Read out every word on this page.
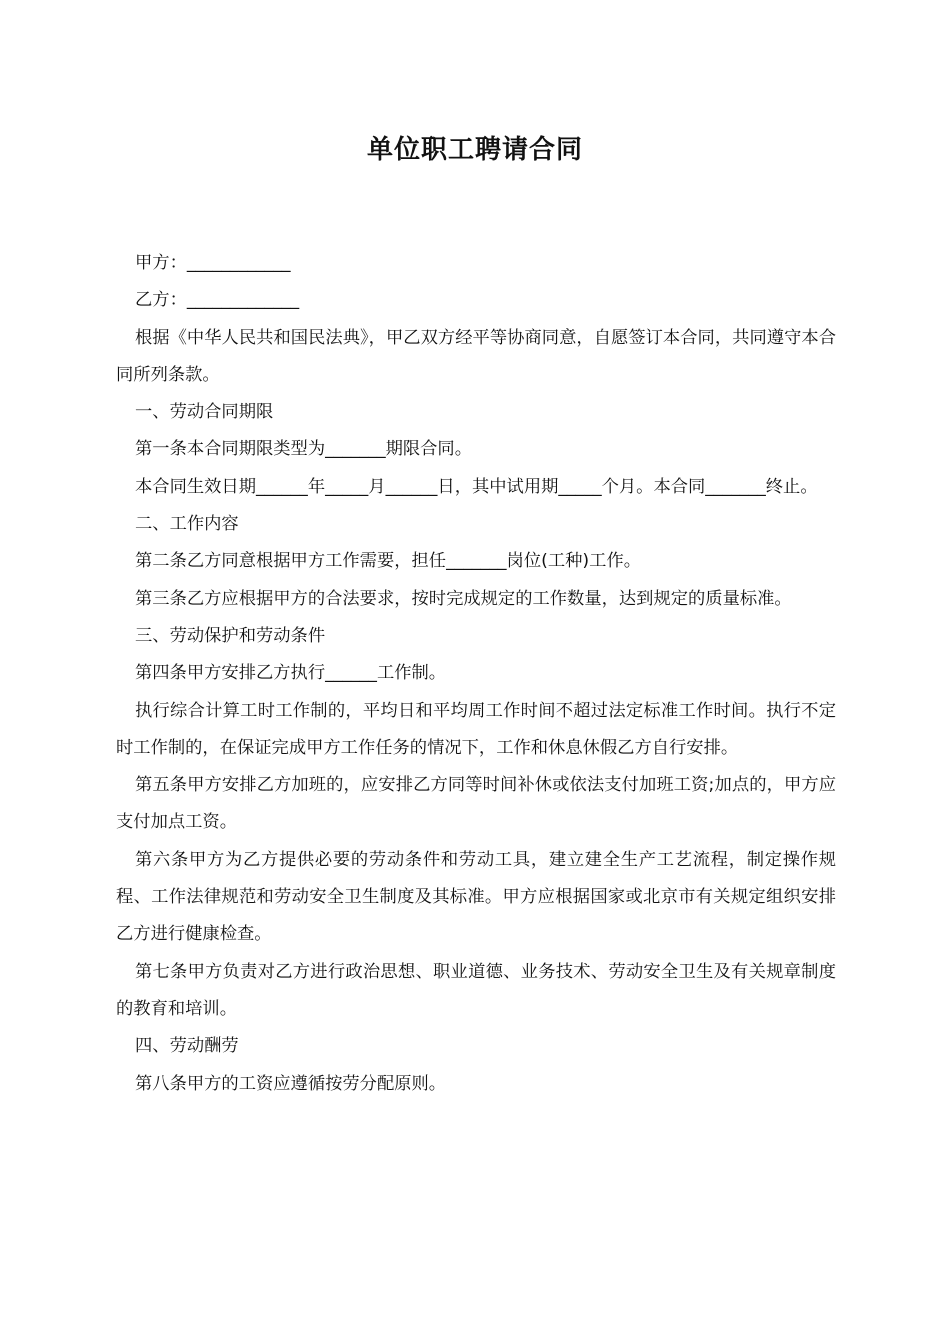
单位职工聘请合同

甲方：____________

乙方：_____________

根据《中华人民共和国民法典》，甲乙双方经平等协商同意，自愿签订本合同，共同遵守本合同所列条款。

一、劳动合同期限

第一条本合同期限类型为_______期限合同。

本合同生效日期______年_____月______日，其中试用期_____个月。本合同_______终止。

二、工作内容

第二条乙方同意根据甲方工作需要，担任_______岗位(工种)工作。

第三条乙方应根据甲方的合法要求，按时完成规定的工作数量，达到规定的质量标准。

三、劳动保护和劳动条件

第四条甲方安排乙方执行______工作制。

执行综合计算工时工作制的，平均日和平均周工作时间不超过法定标准工作时间。执行不定时工作制的，在保证完成甲方工作任务的情况下，工作和休息休假乙方自行安排。

第五条甲方安排乙方加班的，应安排乙方同等时间补休或依法支付加班工资;加点的，甲方应支付加点工资。

第六条甲方为乙方提供必要的劳动条件和劳动工具，建立建全生产工艺流程，制定操作规程、工作法律规范和劳动安全卫生制度及其标准。甲方应根据国家或北京市有关规定组织安排乙方进行健康检查。

第七条甲方负责对乙方进行政治思想、职业道德、业务技术、劳动安全卫生及有关规章制度的教育和培训。

四、劳动酬劳

第八条甲方的工资应遵循按劳分配原则。
